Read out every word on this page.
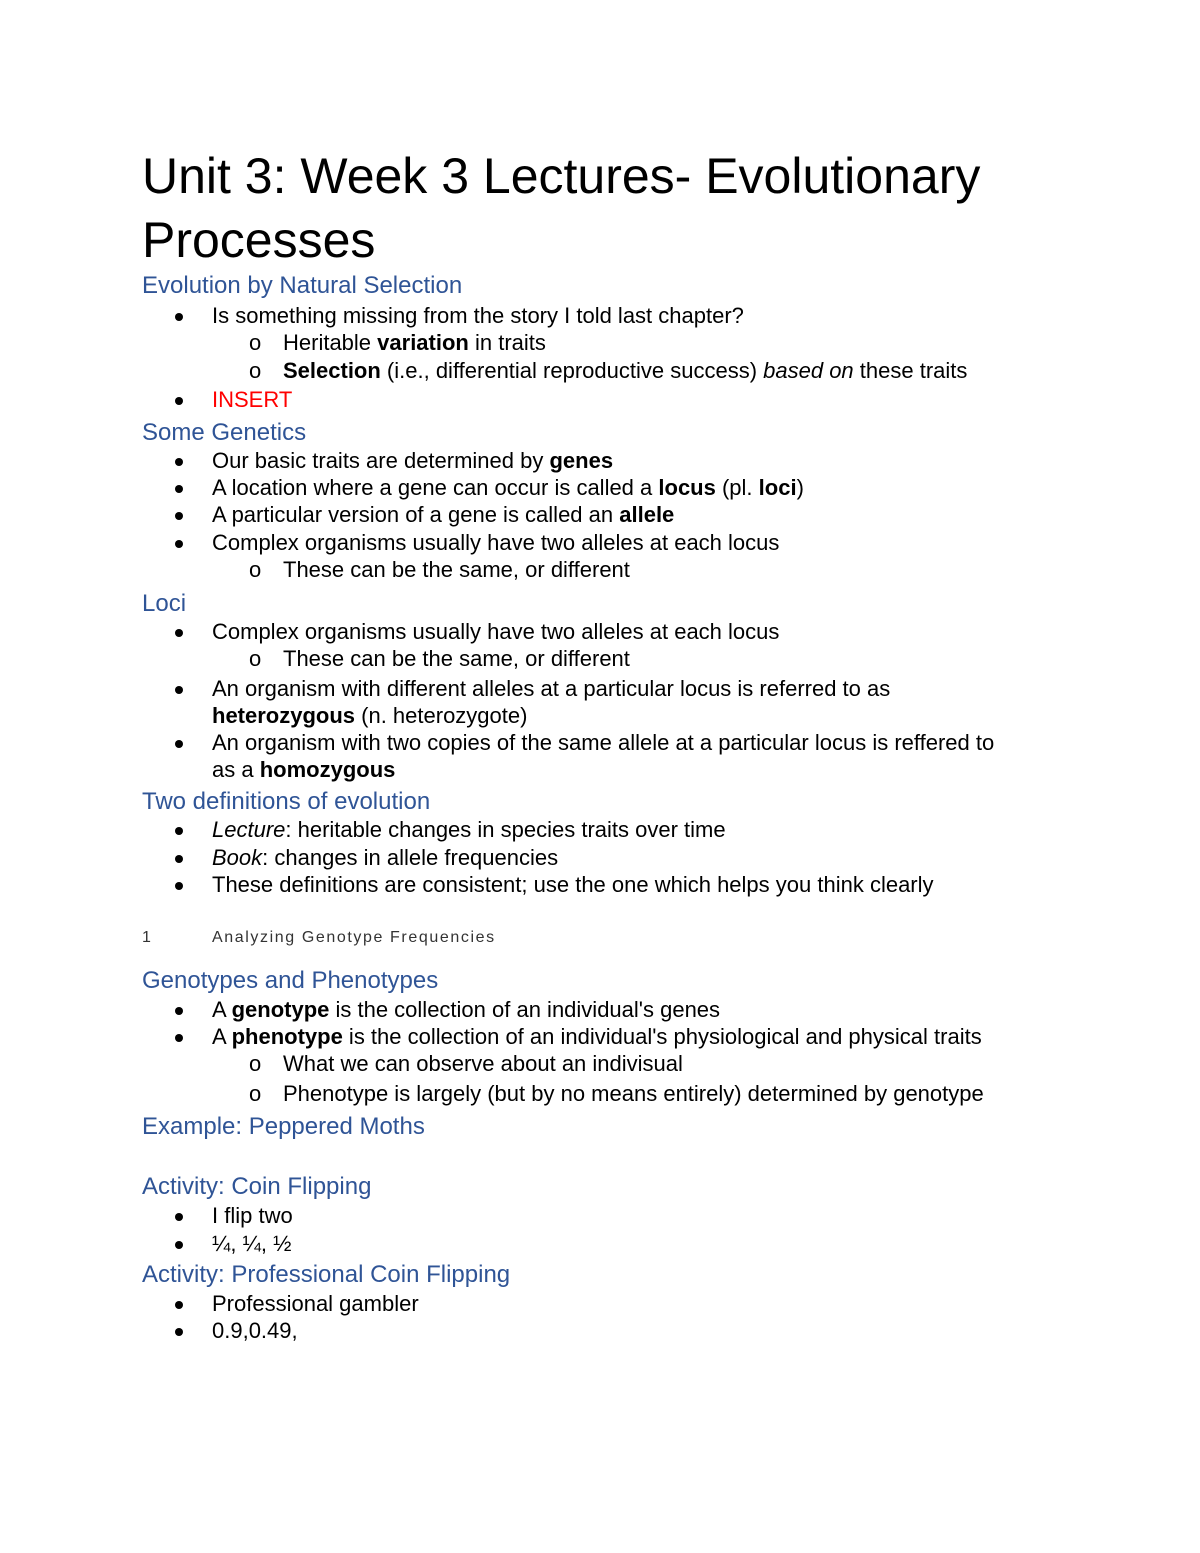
Unit 3: Week 3 Lectures- Evolutionary Processes
Evolution by Natural Selection
Is something missing from the story I told last chapter?
o Heritable variation in traits
o Selection (i.e., differential reproductive success) based on these traits
INSERT
Some Genetics
Our basic traits are determined by genes
A location where a gene can occur is called a locus (pl. loci)
A particular version of a gene is called an allele
Complex organisms usually have two alleles at each locus
o These can be the same, or different
Loci
Complex organisms usually have two alleles at each locus
o These can be the same, or different
An organism with different alleles at a particular locus is referred to as
heterozygous (n. heterozygote)
An organism with two copies of the same allele at a particular locus is reffered to
as a homozygous
Two definitions of evolution
Lecture: heritable changes in species traits over time
Book: changes in allele frequencies
These definitions are consistent; use the one which helps you think clearly
1	Analyzing Genotype Frequencies
Genotypes and Phenotypes
A genotype is the collection of an individual's genes
A phenotype is the collection of an individual's physiological and physical traits
o What we can observe about an indivisual
o Phenotype is largely (but by no means entirely) determined by genotype
Example: Peppered Moths
Activity: Coin Flipping
I flip two
¼, ¼, ½
Activity: Professional Coin Flipping
Professional gambler
0.9,0.49,
